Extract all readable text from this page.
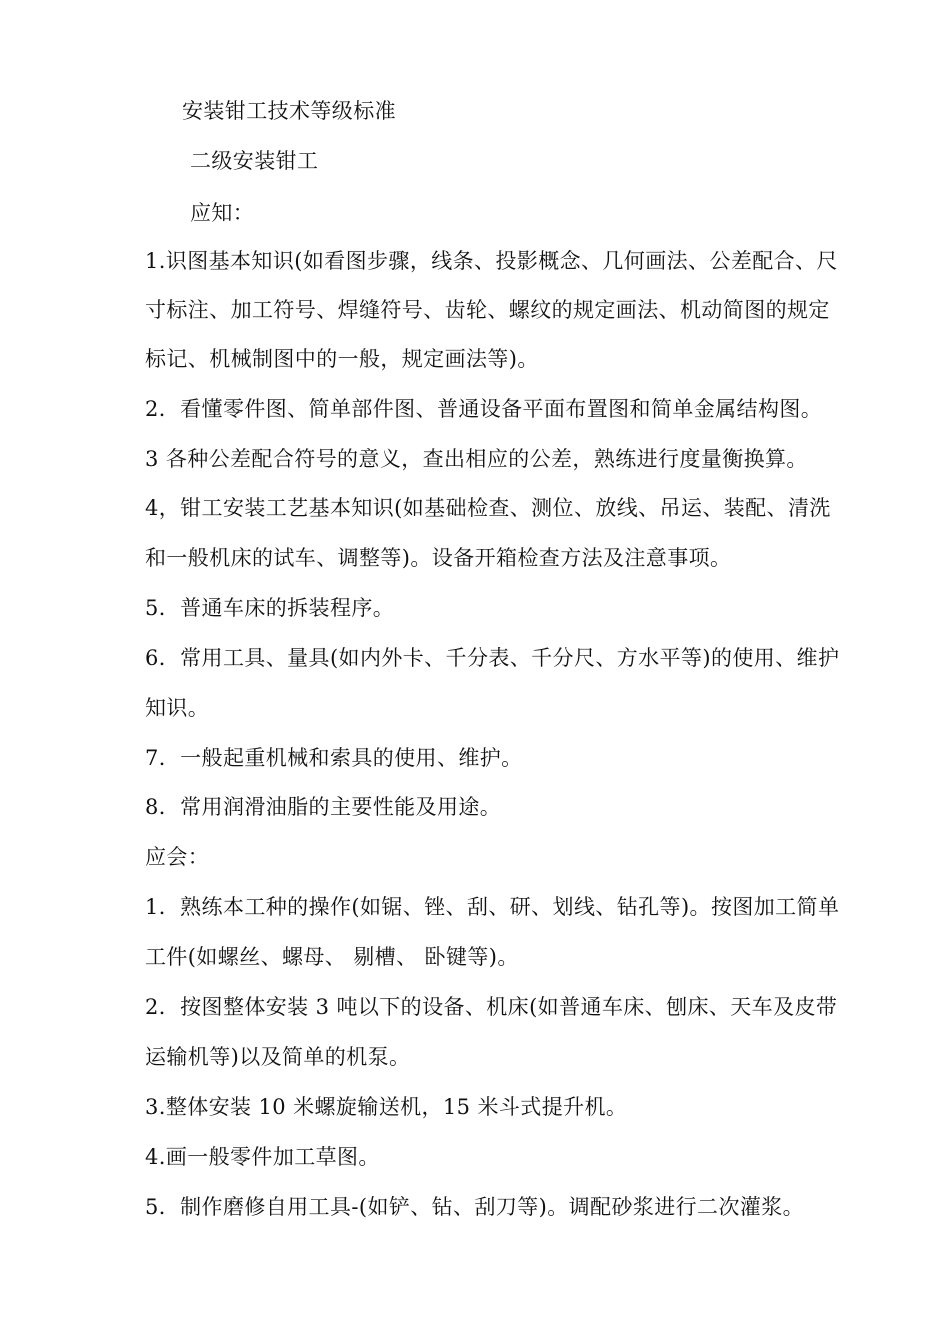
安装钳工技术等级标准
二级安装钳工
应知：
1.识图基本知识(如看图步骤，线条、投影概念、几何画法、公差配合、尺
寸标注、加工符号、焊缝符号、齿轮、螺纹的规定画法、机动简图的规定
标记、机械制图中的一般，规定画法等)。
2．看懂零件图、简单部件图、普通设备平面布置图和简单金属结构图。
3 各种公差配合符号的意义，查出相应的公差，熟练进行度量衡换算。
4，钳工安装工艺基本知识(如基础检查、测位、放线、吊运、装配、清洗
和一般机床的试车、调整等)。设备开箱检查方法及注意事项。
5．普通车床的拆装程序。
6．常用工具、量具(如内外卡、千分表、千分尺、方水平等)的使用、维护
知识。
7．一般起重机械和索具的使用、维护。
8．常用润滑油脂的主要性能及用途。
应会：
1．熟练本工种的操作(如锯、锉、刮、研、划线、钻孔等)。按图加工简单
工件(如螺丝、螺母、 剔槽、 卧键等)。
2．按图整体安装 3 吨以下的设备、机床(如普通车床、刨床、天车及皮带
运输机等)以及简单的机泵。
3.整体安装 10 米螺旋输送机，15 米斗式提升机。
4.画一般零件加工草图。
5．制作磨修自用工具-(如铲、钻、刮刀等)。调配砂浆进行二次灌浆。
